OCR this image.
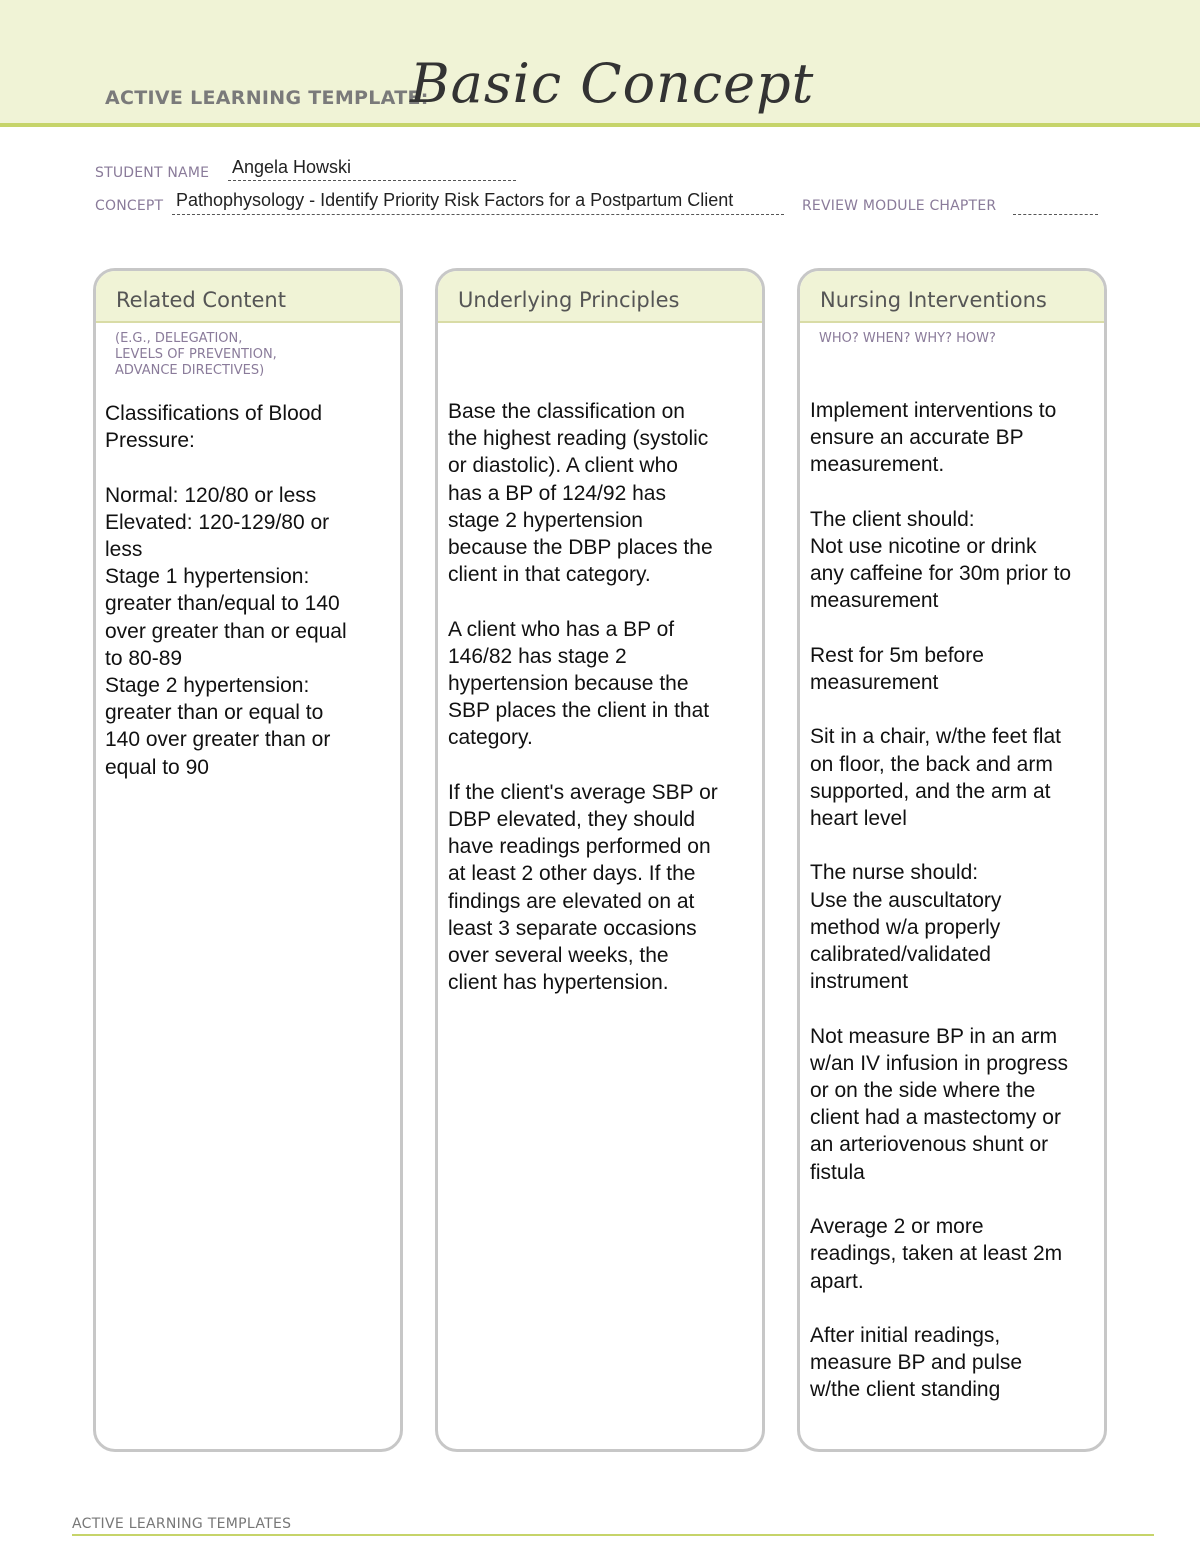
ACTIVE LEARNING TEMPLATE:
Basic Concept
STUDENT NAME Angela Howski
CONCEPT Pathophysology - Identify Priority Risk Factors for a Postpartum Client	REVIEW MODULE CHAPTER
Related Content
(E.G., DELEGATION,
LEVELS OF PREVENTION,
ADVANCE DIRECTIVES)
Classifications of Blood
Pressure:

Normal: 120/80 or less
Elevated: 120-129/80 or
less
Stage 1 hypertension:
greater than/equal to 140
over greater than or equal
to 80-89
Stage 2 hypertension:
greater than or equal to
140 over greater than or
equal to 90
Underlying Principles
Base the classification on
the highest reading (systolic
or diastolic). A client who
has a BP of 124/92 has
stage 2 hypertension
because the DBP places the
client in that category.

A client who has a BP of
146/82 has stage 2
hypertension because the
SBP places the client in that
category.

If the client's average SBP or
DBP elevated, they should
have readings performed on
at least 2 other days. If the
findings are elevated on at
least 3 separate occasions
over several weeks, the
client has hypertension.
Nursing Interventions
WHO? WHEN? WHY? HOW?
Implement interventions to
ensure an accurate BP
measurement.

The client should:
Not use nicotine or drink
any caffeine for 30m prior to
measurement

Rest for 5m before
measurement

Sit in a chair, w/the feet flat
on floor, the back and arm
supported, and the arm at
heart level

The nurse should:
Use the auscultatory
method w/a properly
calibrated/validated
instrument

Not measure BP in an arm
w/an IV infusion in progress
or on the side where the
client had a mastectomy or
an arteriovenous shunt or
fistula

Average 2 or more
readings, taken at least 2m
apart.

After initial readings,
measure BP and pulse
w/the client standing
ACTIVE LEARNING TEMPLATES
